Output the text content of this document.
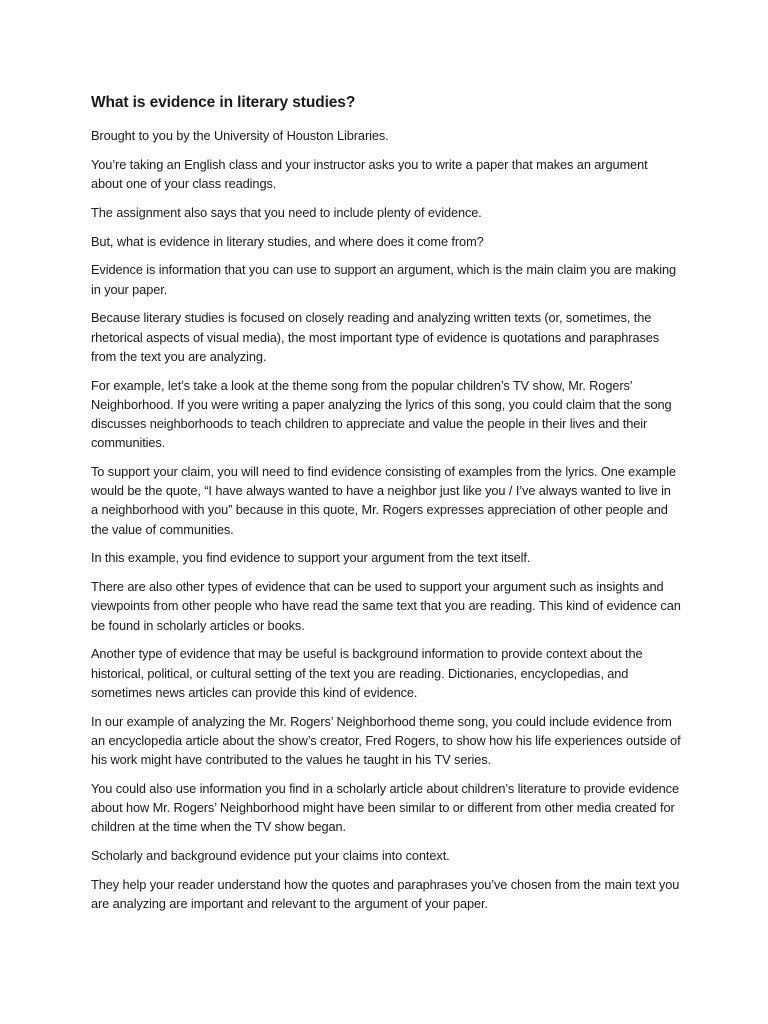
What is evidence in literary studies?

Brought to you by the University of Houston Libraries.

You’re taking an English class and your instructor asks you to write a paper that makes an argument about one of your class readings.

The assignment also says that you need to include plenty of evidence.

But, what is evidence in literary studies, and where does it come from?

Evidence is information that you can use to support an argument, which is the main claim you are making in your paper.

Because literary studies is focused on closely reading and analyzing written texts (or, sometimes, the rhetorical aspects of visual media), the most important type of evidence is quotations and paraphrases from the text you are analyzing.

For example, let’s take a look at the theme song from the popular children’s TV show, Mr. Rogers’ Neighborhood. If you were writing a paper analyzing the lyrics of this song, you could claim that the song discusses neighborhoods to teach children to appreciate and value the people in their lives and their communities.

To support your claim, you will need to find evidence consisting of examples from the lyrics. One example would be the quote, “I have always wanted to have a neighbor just like you / I’ve always wanted to live in a neighborhood with you” because in this quote, Mr. Rogers expresses appreciation of other people and the value of communities.

In this example, you find evidence to support your argument from the text itself.

There are also other types of evidence that can be used to support your argument such as insights and viewpoints from other people who have read the same text that you are reading. This kind of evidence can be found in scholarly articles or books.

Another type of evidence that may be useful is background information to provide context about the historical, political, or cultural setting of the text you are reading. Dictionaries, encyclopedias, and sometimes news articles can provide this kind of evidence.

In our example of analyzing the Mr. Rogers’ Neighborhood theme song, you could include evidence from an encyclopedia article about the show’s creator, Fred Rogers, to show how his life experiences outside of his work might have contributed to the values he taught in his TV series.

You could also use information you find in a scholarly article about children’s literature to provide evidence about how Mr. Rogers’ Neighborhood might have been similar to or different from other media created for children at the time when the TV show began.

Scholarly and background evidence put your claims into context.

They help your reader understand how the quotes and paraphrases you’ve chosen from the main text you are analyzing are important and relevant to the argument of your paper.
